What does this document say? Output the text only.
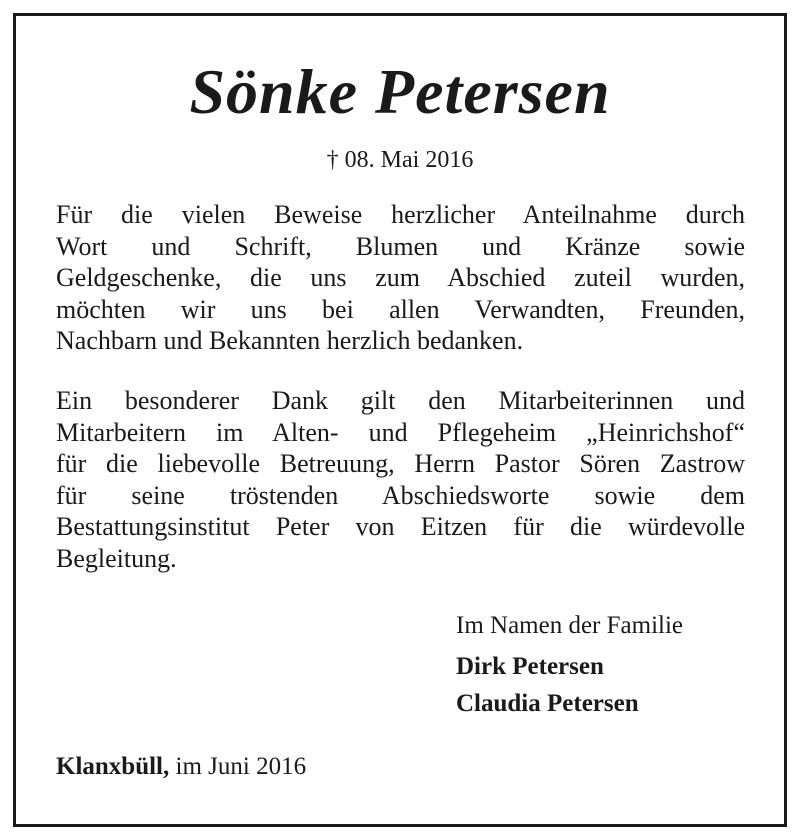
Sönke Petersen
† 08. Mai 2016

Für die vielen Beweise herzlicher Anteilnahme durch
Wort und Schrift, Blumen und Kränze sowie
Geldgeschenke, die uns zum Abschied zuteil wurden,
möchten wir uns bei allen Verwandten, Freunden,
Nachbarn und Bekannten herzlich bedanken.

Ein besonderer Dank gilt den Mitarbeiterinnen und
Mitarbeitern im Alten- und Pflegeheim „Heinrichshof“
für die liebevolle Betreuung, Herrn Pastor Sören Zastrow
für seine tröstenden Abschiedsworte sowie dem
Bestattungsinstitut Peter von Eitzen für die würdevolle
Begleitung.

Im Namen der Familie
Dirk Petersen
Claudia Petersen
Klanxbüll, im Juni 2016
